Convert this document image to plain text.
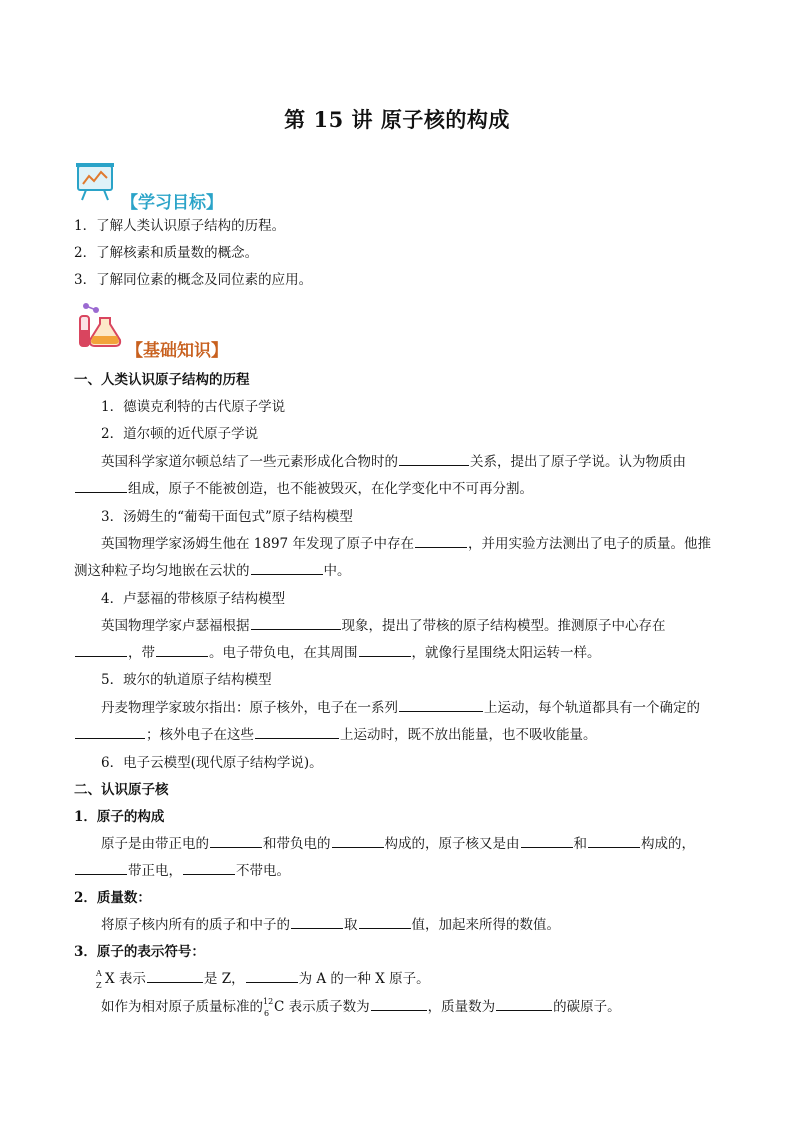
第 15 讲 原子核的构成
【学习目标】
1．了解人类认识原子结构的历程。
2．了解核素和质量数的概念。
3．了解同位素的概念及同位素的应用。
【基础知识】
一、人类认识原子结构的历程
1．德谟克利特的古代原子学说
2．道尔顿的近代原子学说
英国科学家道尔顿总结了一些元素形成化合物时的	关系，提出了原子学说。认为物质由
组成，原子不能被创造，也不能被毁灭，在化学变化中不可再分割。
3．汤姆生的“葡萄干面包式”原子结构模型
英国物理学家汤姆生他在 1897 年发现了原子中存在	，并用实验方法测出了电子的质量。他推
测这种粒子均匀地嵌在云状的	中。
4．卢瑟福的带核原子结构模型
英国物理学家卢瑟福根据	现象，提出了带核的原子结构模型。推测原子中心存在
，带	。电子带负电，在其周围	，就像行星围绕太阳运转一样。
5．玻尔的轨道原子结构模型
丹麦物理学家玻尔指出：原子核外，电子在一系列	上运动，每个轨道都具有一个确定的
；核外电子在这些	上运动时，既不放出能量，也不吸收能量。
6．电子云模型(现代原子结构学说)。
二、认识原子核
1．原子的构成
原子是由带正电的	和带负电的	构成的，原子核又是由	和	构成的，
带正电，	不带电。
2．质量数：
将原子核内所有的质子和中子的	取	值，加起来所得的数值。
3．原子的表示符号：
A
Z X 表示	是 Z，	为 A 的一种 X 原子。
如作为相对原子质量标准的 12
6 C 表示质子数为	，质量数为	的碳原子。
